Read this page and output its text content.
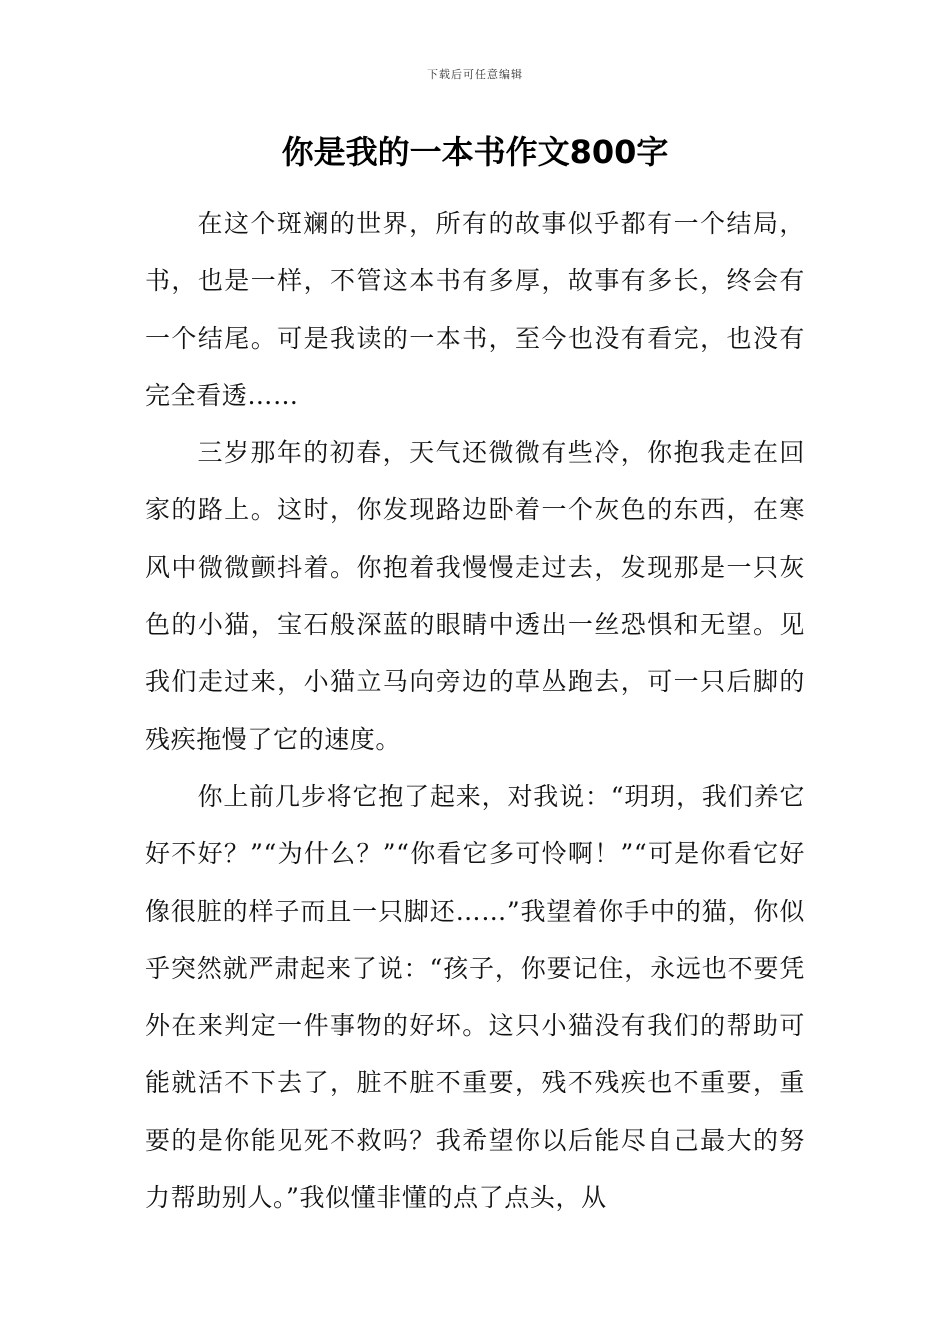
下载后可任意编辑
你是我的一本书作文800字

在这个斑斓的世界，所有的故事似乎都有一个结局，书，也是一样，不管这本书有多厚，故事有多长，终会有一个结尾。可是我读的一本书，至今也没有看完，也没有完全看透……

三岁那年的初春，天气还微微有些冷，你抱我走在回家的路上。这时，你发现路边卧着一个灰色的东西，在寒风中微微颤抖着。你抱着我慢慢走过去，发现那是一只灰色的小猫，宝石般深蓝的眼睛中透出一丝恐惧和无望。见我们走过来，小猫立马向旁边的草丛跑去，可一只后脚的残疾拖慢了它的速度。

你上前几步将它抱了起来，对我说：“玥玥，我们养它好不好？”“为什么？”“你看它多可怜啊！”“可是你看它好像很脏的样子而且一只脚还……”我望着你手中的猫，你似乎突然就严肃起来了说：“孩子，你要记住，永远也不要凭外在来判定一件事物的好坏。这只小猫没有我们的帮助可能就活不下去了，脏不脏不重要，残不残疾也不重要，重要的是你能见死不救吗？我希望你以后能尽自己最大的努力帮助别人。”我似懂非懂的点了点头，从
